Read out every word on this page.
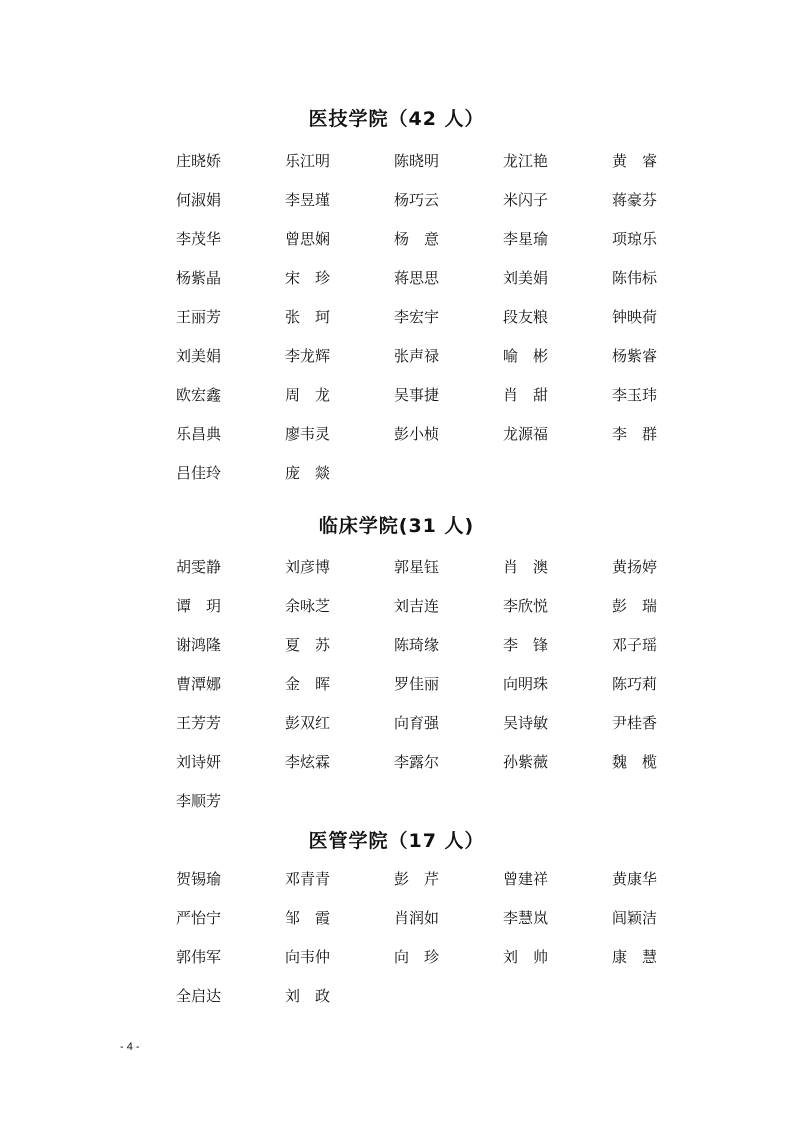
医技学院（42 人）
庄晓娇	乐江明	陈晓明	龙江艳	黄　睿
何淑娟	李昱瑾	杨巧云	米闪子	蒋豪芬
李茂华	曾思娴	杨　意	李星瑜	项琼乐
杨紫晶	宋　珍	蒋思思	刘美娟	陈伟标
王丽芳	张　珂	李宏宇	段友粮	钟映荷
刘美娟	李龙辉	张声禄	喻　彬	杨紫睿
欧宏鑫	周　龙	吴事捷	肖　甜	李玉玮
乐昌典	廖韦灵	彭小桢	龙源福	李　群
吕佳玲	庞　燚
临床学院(31 人)
胡雯静	刘彦博	郭星钰	肖　澳	黄扬婷
谭　玥	余咏芝	刘吉连	李欣悦	彭　瑞
谢鸿隆	夏　苏	陈琦缘	李　锋	邓子瑶
曹潭娜	金　晖	罗佳丽	向明珠	陈巧莉
王芳芳	彭双红	向育强	吴诗敏	尹桂香
刘诗妍	李炫霖	李露尔	孙紫薇	魏　榄
李顺芳
医管学院（17 人）
贺锡瑜	邓青青	彭　芹	曾建祥	黄康华
严怡宁	邹　霞	肖润如	李慧岚	闾颖洁
郭伟军	向韦仲	向　珍	刘　帅	康　慧
全启达	刘　政
- 4 -
